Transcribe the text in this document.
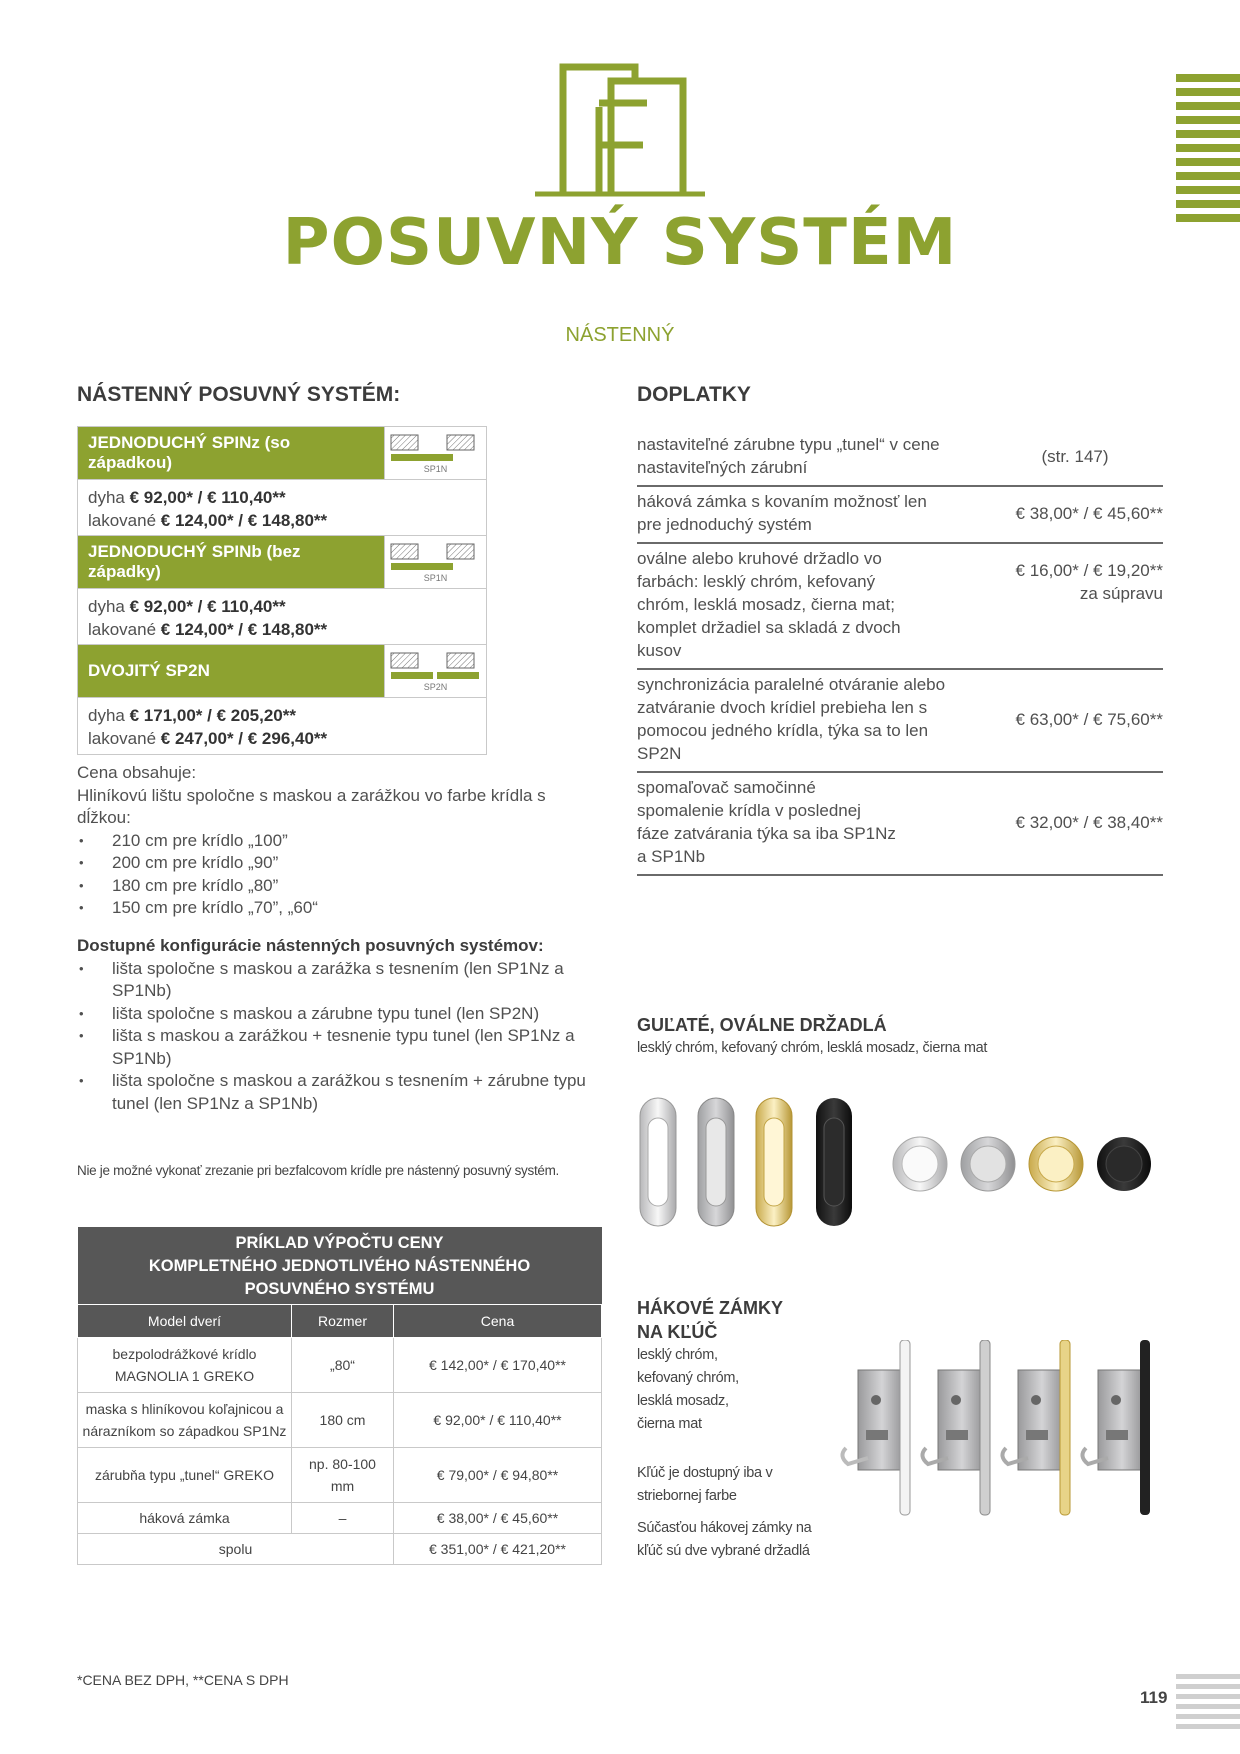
POSUVNÝ SYSTÉM
NÁSTENNÝ
NÁSTENNÝ POSUVNÝ SYSTÉM:
JEDNODUCHÝ SPINz (so západkou)	SP1N
dyha € 92,00* / € 110,40**
lakované € 124,00* / € 148,80**
JEDNODUCHÝ SPINb (bez západky)	SP1N
dyha € 92,00* / € 110,40**
lakované € 124,00* / € 148,80**
DVOJITÝ SP2N
SP2N
dyha € 171,00* / € 205,20**
lakované € 247,00* / € 296,40**
Cena obsahuje:
Hliníkovú lištu spoločne s maskou a zarážkou vo farbe krídla s dĺžkou:
• 210 cm pre krídlo „100”
• 200 cm pre krídlo „90”
• 180 cm pre krídlo „80”
• 150 cm pre krídlo „70”, „60“
Dostupné konfigurácie nástenných posuvných systémov:
• lišta spoločne s maskou a zarážka s tesnením (len SP1Nz a SP1Nb)
• lišta spoločne s maskou a zárubne typu tunel (len SP2N)
• lišta s maskou a zarážkou + tesnenie typu tunel (len SP1Nz a SP1Nb)
• lišta spoločne s maskou a zarážkou s tesnením + zárubne typu tunel (len SP1Nz a SP1Nb)
Nie je možné vykonať zrezanie pri bezfalcovom krídle pre nástenný posuvný systém.
PRÍKLAD VÝPOČTU CENY
KOMPLETNÉHO JEDNOTLIVÉHO NÁSTENNÉHO
POSUVNÉHO SYSTÉMU		

Model dverí	Rozmer	Cena
bezpolodrážkové krídlo MAGNOLIA 1 GREKO	„80“	€ 142,00* / € 170,40**
maska s hliníkovou koľajnicou a nárazníkom so západkou SP1Nz	180 cm	€ 92,00* / € 110,40**
zárubňa typu „tunel“ GREKO	np. 80-100 mm	€ 79,00* / € 94,80**
háková zámka	–	€ 38,00* / € 45,60**
spolu		€ 351,00* / € 421,20**
DOPLATKY
nastaviteľné zárubne typu „tunel“ v cene nastaviteľných zárubní
(str. 147)
háková zámka s kovaním možnosť len pre jednoduchý systém
€ 38,00* / € 45,60**
oválne alebo kruhové držadlo vo farbách: lesklý chróm, kefovaný chróm, lesklá mosadz, čierna mat; komplet držadiel sa skladá z dvoch kusov
€ 16,00* / € 19,20**
za súpravu
synchronizácia paralelné otváranie alebo zatváranie dvoch krídiel prebieha len s pomocou jedného krídla, týka sa to len SP2N
€ 63,00* / € 75,60**
spomaľovač samočinné spomalenie krídla v poslednej fáze zatvárania týka sa iba SP1Nz a SP1Nb
€ 32,00* / € 38,40**
GUĽATÉ, OVÁLNE DRŽADLÁ
lesklý chróm, kefovaný chróm, lesklá mosadz, čierna mat
HÁKOVÉ ZÁMKY
NA KĽÚČ
lesklý chróm,
kefovaný chróm,
lesklá mosadz,
čierna mat
Kľúč je dostupný iba v striebornej farbe
Súčasťou hákovej zámky na kľúč sú dve vybrané držadlá
*CENA BEZ DPH, **CENA S DPH
119
